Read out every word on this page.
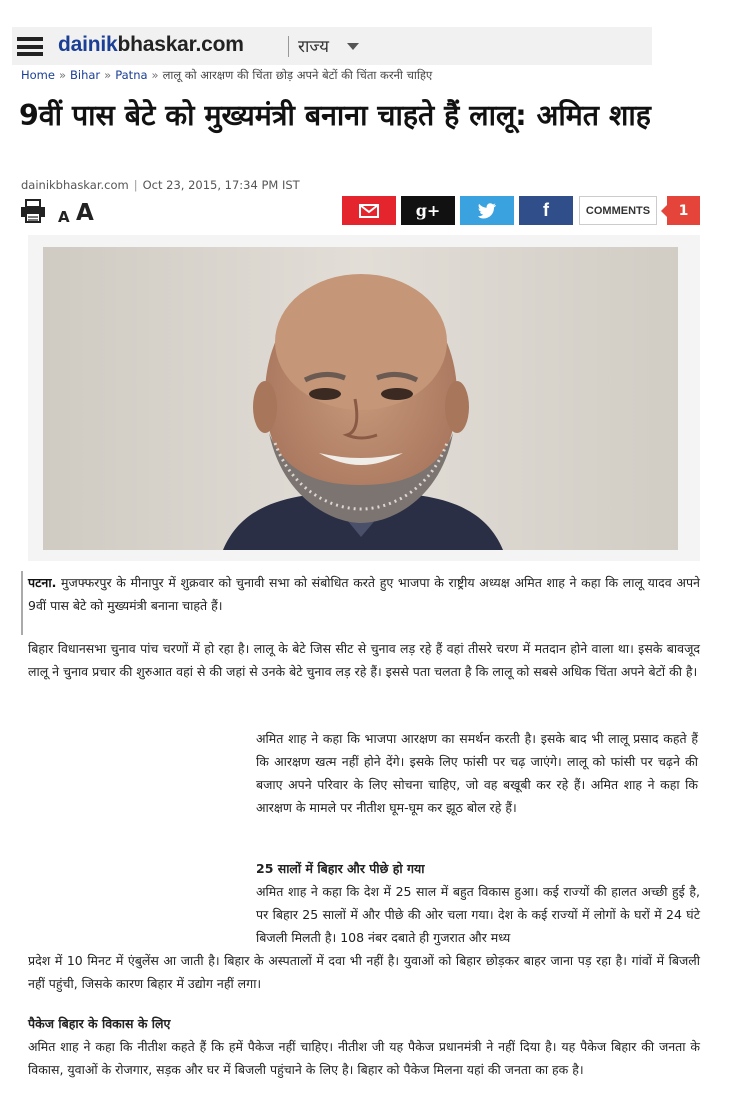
dainikbhaskar.com	राज्य
Home » Bihar » Patna » लालू को आरक्षण की चिंता छोड़ अपने बेटों की चिंता करनी चाहिए
9वीं पास बेटे को मुख्यमंत्री बनाना चाहते हैं लालू: अमित शाह
dainikbhaskar.com | Oct 23, 2015, 17:34 PM IST
A A	g+	f	COMMENTS	1

पटना. मुजफ्फरपुर के मीनापुर में शुक्रवार को चुनावी सभा को संबोधित करते हुए भाजपा के राष्ट्रीय अध्यक्ष अमित शाह ने कहा कि लालू यादव अपने 9वीं पास बेटे को मुख्यमंत्री बनाना चाहते हैं।

बिहार विधानसभा चुनाव पांच चरणों में हो रहा है। लालू के बेटे जिस सीट से चुनाव लड़ रहे हैं वहां तीसरे चरण में मतदान होने वाला था। इसके बावजूद लालू ने चुनाव प्रचार की शुरुआत वहां से की जहां से उनके बेटे चुनाव लड़ रहे हैं। इससे पता चलता है कि लालू को सबसे अधिक चिंता अपने बेटों की है।

अमित शाह ने कहा कि भाजपा आरक्षण का समर्थन करती है। इसके बाद भी लालू प्रसाद कहते हैं कि आरक्षण खत्म नहीं होने देंगे। इसके लिए फांसी पर चढ़ जाएंगे। लालू को फांसी पर चढ़ने की बजाए अपने परिवार के लिए सोचना चाहिए, जो वह बखूबी कर रहे हैं। अमित शाह ने कहा कि आरक्षण के मामले पर नीतीश घूम-घूम कर झूठ बोल रहे हैं।

25 सालों में बिहार और पीछे हो गया

अमित शाह ने कहा कि देश में 25 साल में बहुत विकास हुआ। कई राज्यों की हालत अच्छी हुई है, पर बिहार 25 सालों में और पीछे की ओर चला गया। देश के कई राज्यों में लोगों के घरों में 24 घंटे बिजली मिलती है। 108 नंबर दबाते ही गुजरात और मध्य

प्रदेश में 10 मिनट में एंबुलेंस आ जाती है। बिहार के अस्पतालों में दवा भी नहीं है। युवाओं को बिहार छोड़कर बाहर जाना पड़ रहा है। गांवों में बिजली नहीं पहुंची, जिसके कारण बिहार में उद्योग नहीं लगा।

पैकेज बिहार के विकास के लिए

अमित शाह ने कहा कि नीतीश कहते हैं कि हमें पैकेज नहीं चाहिए। नीतीश जी यह पैकेज प्रधानमंत्री ने नहीं दिया है। यह पैकेज बिहार की जनता के विकास, युवाओं के रोजगार, सड़क और घर में बिजली पहुंचाने के लिए है। बिहार को पैकेज मिलना यहां की जनता का हक है।
